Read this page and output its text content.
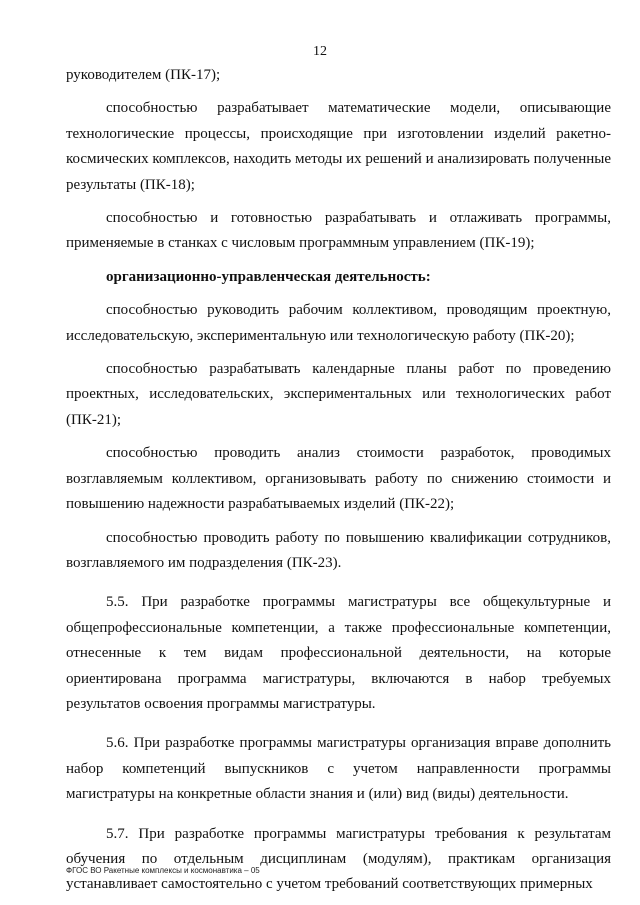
12

руководителем (ПК-17);

способностью разрабатывает математические модели, описывающие технологические процессы, происходящие при изготовлении изделий ракетно-космических комплексов, находить методы их решений и анализировать полученные результаты (ПК-18);

способностью и готовностью разрабатывать и отлаживать программы, применяемые в станках с числовым программным управлением (ПК-19);

организационно-управленческая деятельность:

способностью руководить рабочим коллективом, проводящим проектную, исследовательскую, экспериментальную или технологическую работу (ПК-20);

способностью разрабатывать календарные планы работ по проведению проектных, исследовательских, экспериментальных или технологических работ (ПК-21);

способностью проводить анализ стоимости разработок, проводимых возглавляемым коллективом, организовывать работу по снижению стоимости и повышению надежности разрабатываемых изделий (ПК-22);

способностью проводить работу по повышению квалификации сотрудников, возглавляемого им подразделения (ПК-23).

5.5. При разработке программы магистратуры все общекультурные и общепрофессиональные компетенции, а также профессиональные компетенции, отнесенные к тем видам профессиональной деятельности, на которые ориентирована программа магистратуры, включаются в набор требуемых результатов освоения программы магистратуры.

5.6. При разработке программы магистратуры организация вправе дополнить набор компетенций выпускников с учетом направленности программы магистратуры на конкретные области знания и (или) вид (виды) деятельности.

5.7. При разработке программы магистратуры требования к результатам обучения по отдельным дисциплинам (модулям), практикам организация устанавливает самостоятельно с учетом требований соответствующих примерных

ФГОС ВО Ракетные комплексы и космонавтика – 05
